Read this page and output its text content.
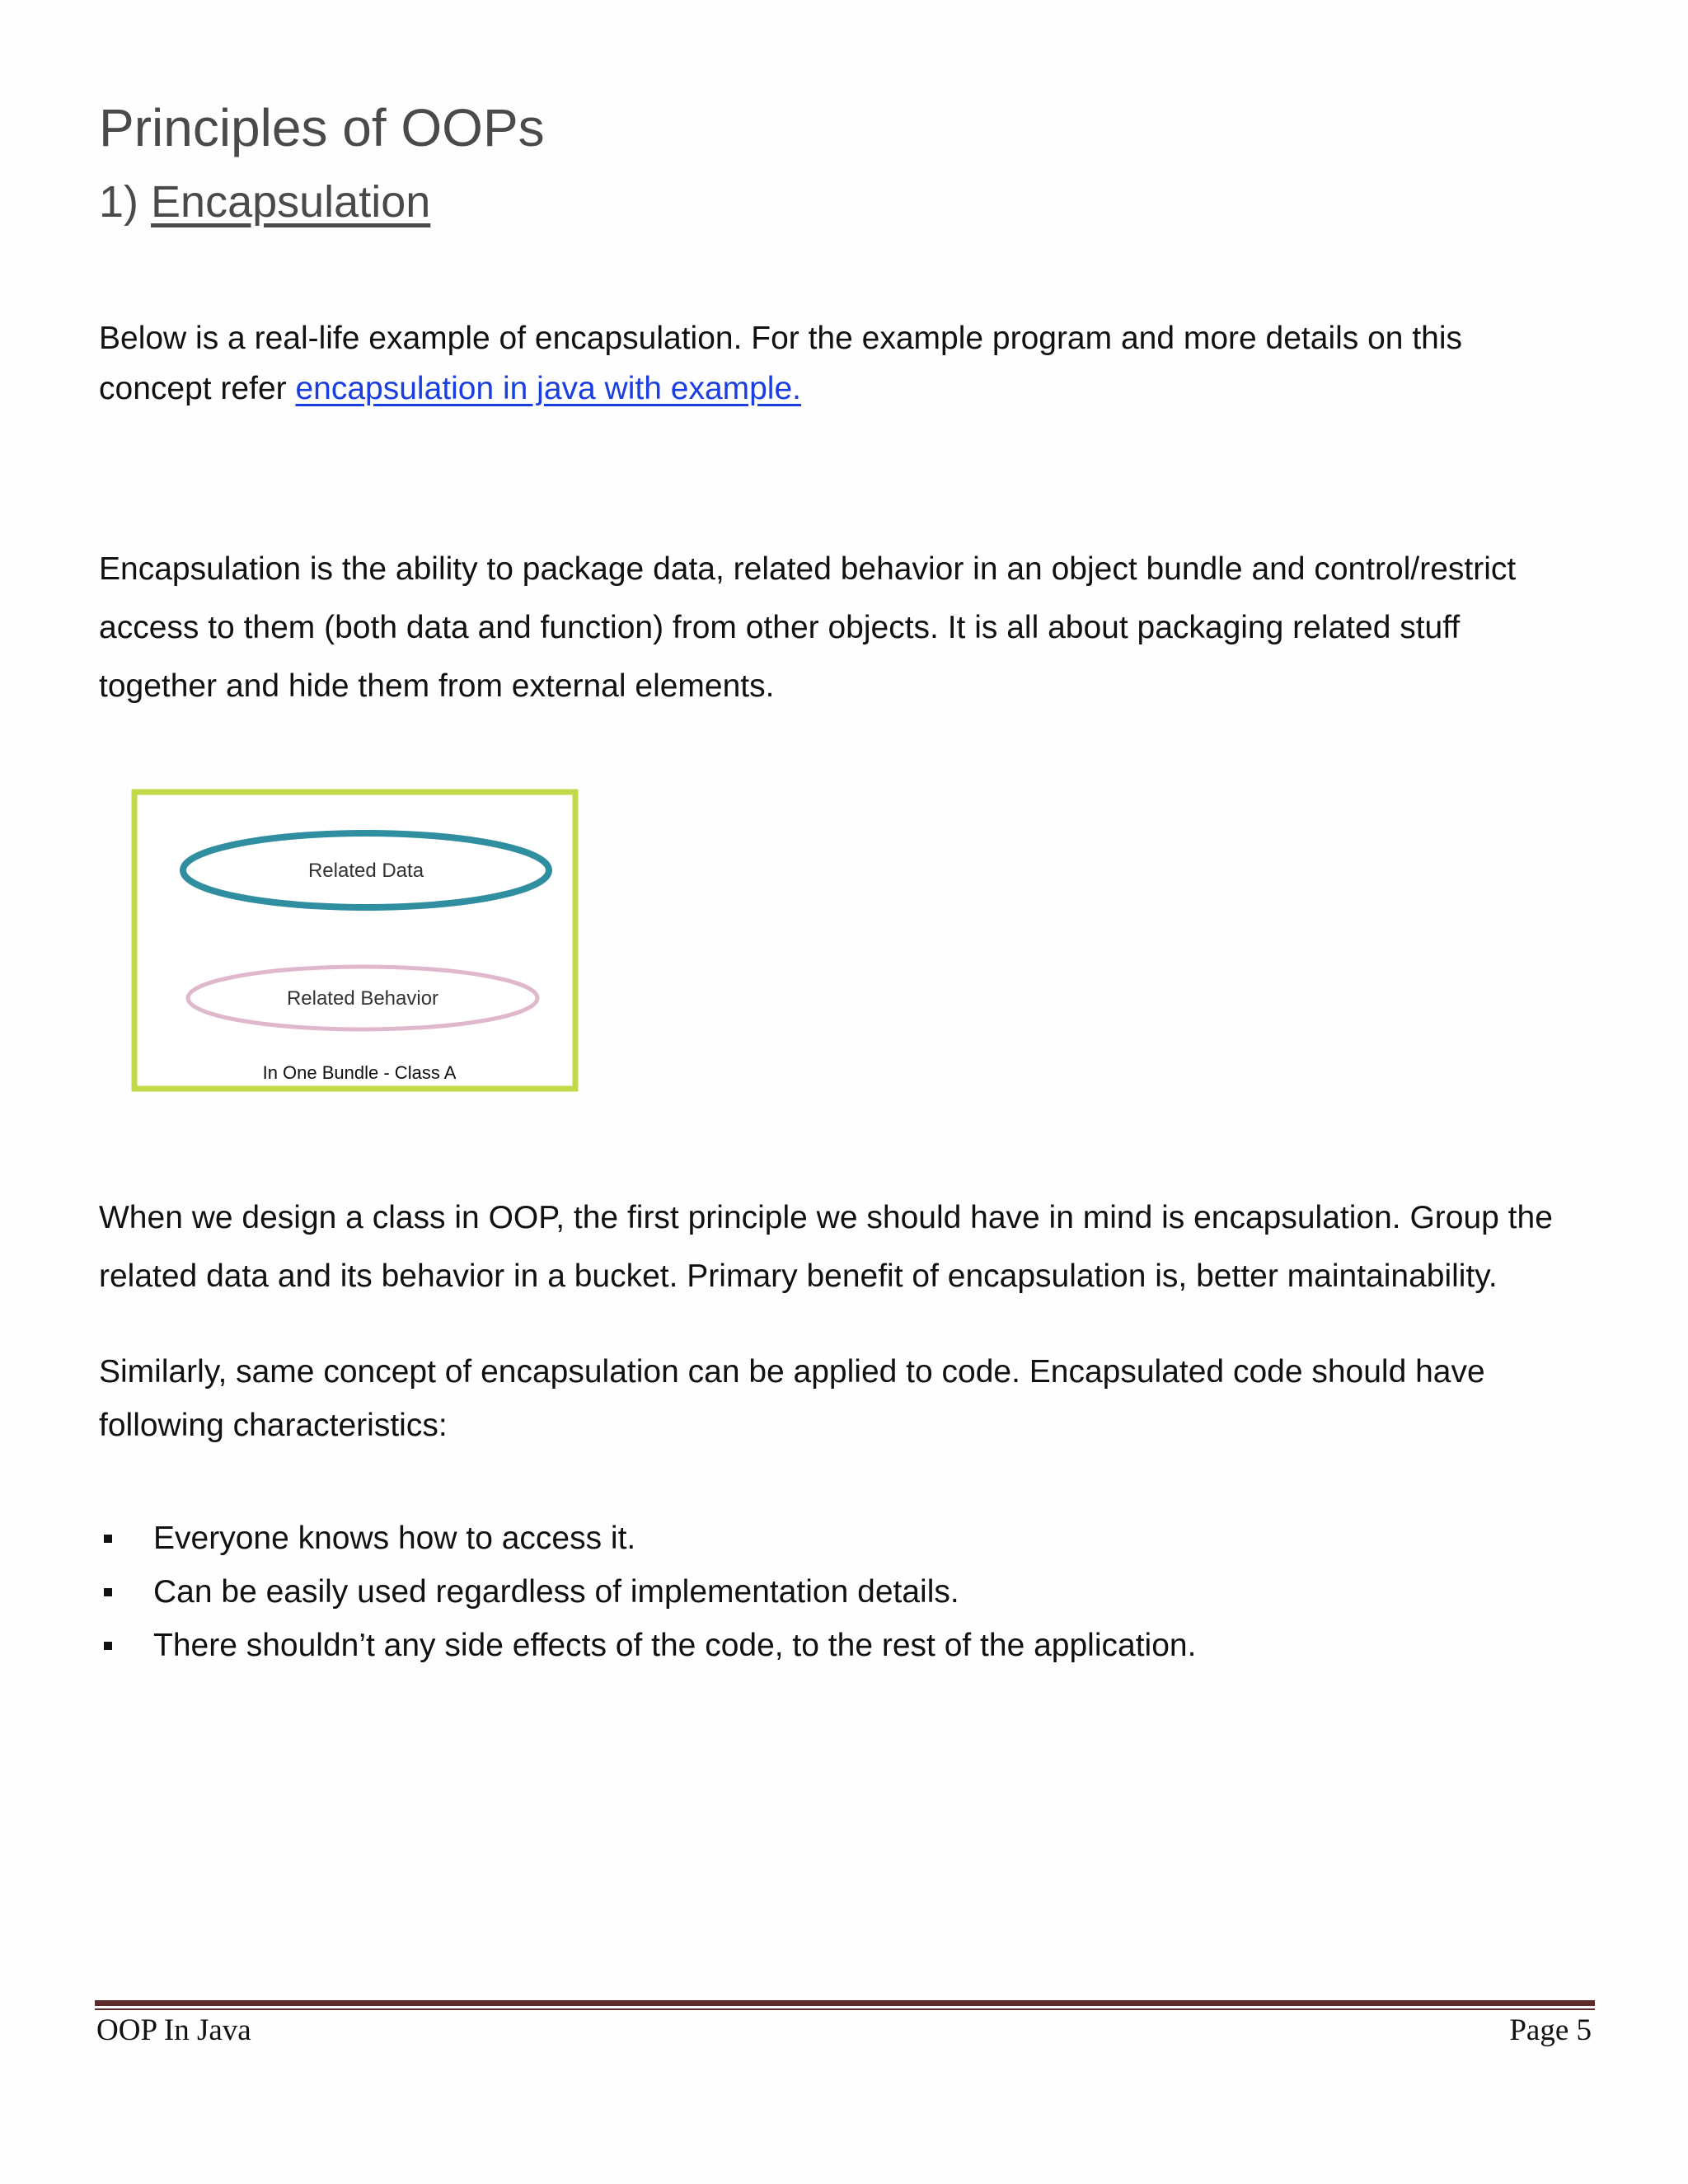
Principles of OOPs
1) Encapsulation

Below is a real-life example of encapsulation. For the example program and more details on this
concept refer encapsulation in java with example.

Encapsulation is the ability to package data, related behavior in an object bundle and control/restrict
access to them (both data and function) from other objects. It is all about packaging related stuff
together and hide them from external elements.

Related Data
Related Behavior
In One Bundle - Class A

When we design a class in OOP, the first principle we should have in mind is encapsulation. Group the
related data and its behavior in a bucket. Primary benefit of encapsulation is, better maintainability.

Similarly, same concept of encapsulation can be applied to code. Encapsulated code should have
following characteristics:

Everyone knows how to access it.
Can be easily used regardless of implementation details.
There shouldn’t any side effects of the code, to the rest of the application.
OOP In Java	Page 5
